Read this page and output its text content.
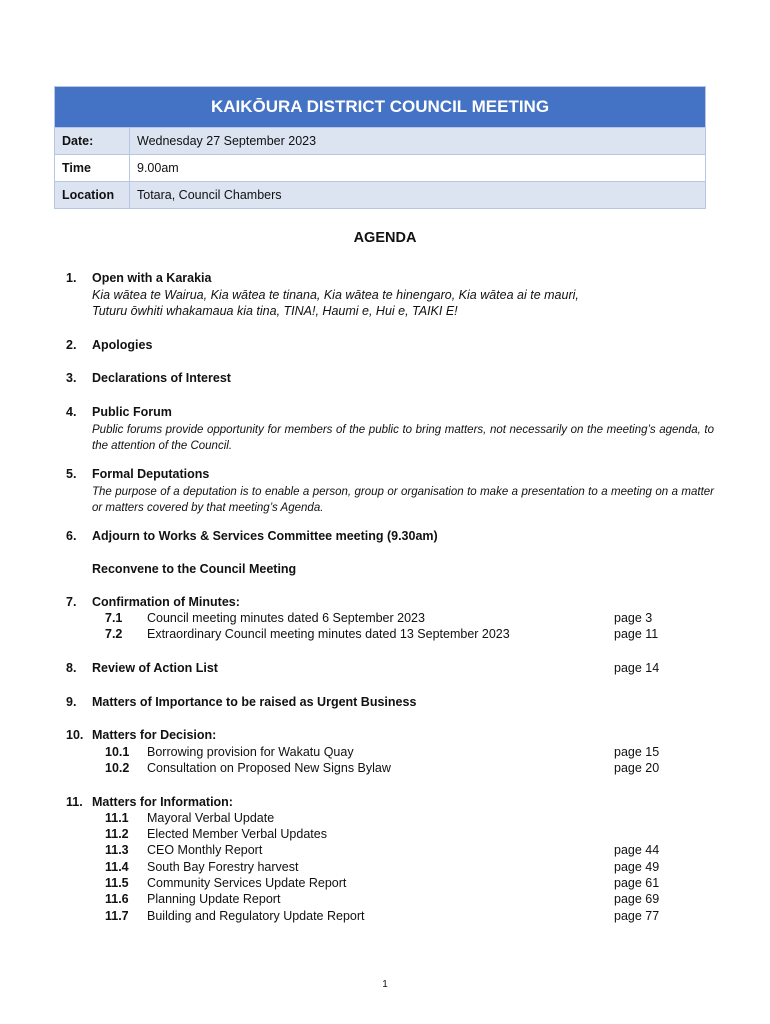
KAIKŌURA DISTRICT COUNCIL MEETING	
Date:	Wednesday 27 September 2023
Time	9.00am
Location	Totara, Council Chambers
AGENDA
1. Open with a Karakia
Kia wātea te Wairua, Kia wātea te tinana, Kia wātea te hinengaro, Kia wātea ai te mauri,
Tuturu ōwhiti whakamaua kia tina, TINA!, Haumi e, Hui e, TAIKI E!
2. Apologies
3. Declarations of Interest
4. Public Forum
Public forums provide opportunity for members of the public to bring matters, not necessarily on the meeting’s agenda, to the attention of the Council.
5. Formal Deputations
The purpose of a deputation is to enable a person, group or organisation to make a presentation to a meeting on a matter or matters covered by that meeting’s Agenda.
6. Adjourn to Works & Services Committee meeting (9.30am)
Reconvene to the Council Meeting
7. Confirmation of Minutes:
7.1 Council meeting minutes dated 6 September 2023	page 3
7.2 Extraordinary Council meeting minutes dated 13 September 2023	page 11
8. Review of Action List	page 14
9. Matters of Importance to be raised as Urgent Business
10. Matters for Decision:
10.1 Borrowing provision for Wakatu Quay	page 15
10.2 Consultation on Proposed New Signs Bylaw	page 20
11. Matters for Information:
11.1 Mayoral Verbal Update
11.2 Elected Member Verbal Updates
11.3 CEO Monthly Report	page 44
11.4 South Bay Forestry harvest	page 49
11.5 Community Services Update Report	page 61
11.6 Planning Update Report	page 69
11.7 Building and Regulatory Update Report	page 77
1
